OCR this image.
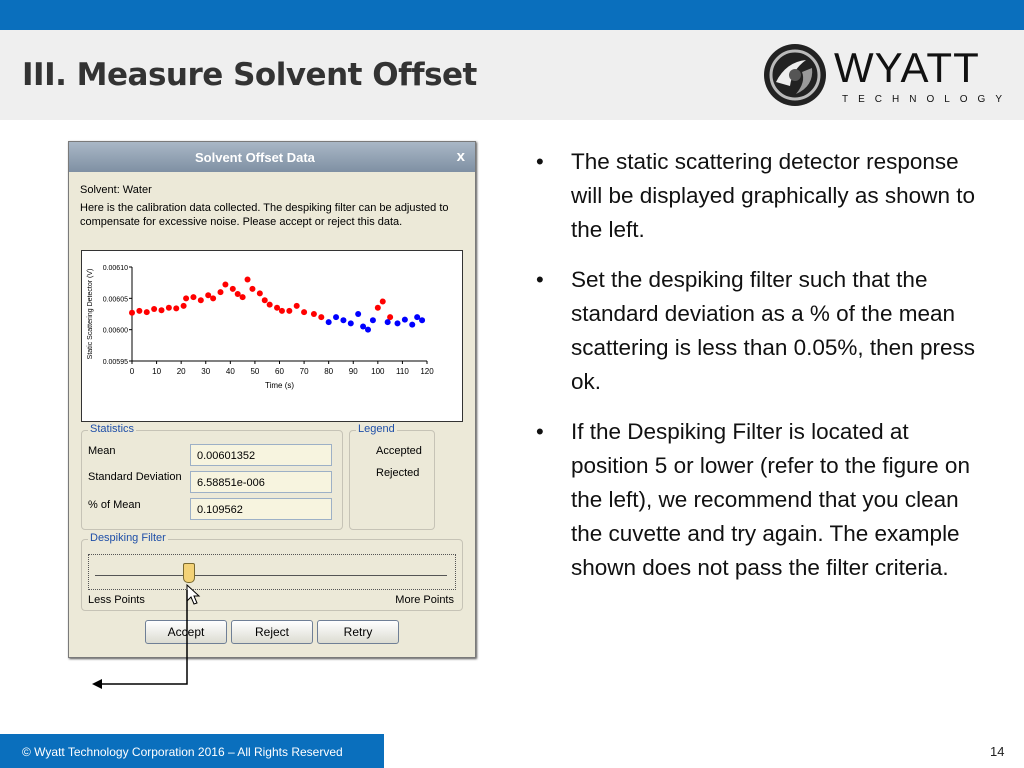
III. Measure Solvent Offset	WYATT
TECHNOLOGY
Solvent Offset Data	x
Solvent: Water
Here is the calibration data collected. The despiking filter can be adjusted to compensate for excessive noise. Please accept or reject this data.
0 10 20 30 40 50 60 70 80 90 100 110 120
0.00595
0.00600
0.00605
0.00610
Time (s)
Static Scattering Detector (V)
Statistics
Mean	0.00601352
Standard Deviation	6.58851e-006
% of Mean	0.109562
Legend
Accepted
Rejected
Despiking Filter
Less Points	More Points
Accept	Reject	Retry
• The static scattering detector response will be displayed graphically as shown to the left.
• Set the despiking filter such that the standard deviation as a % of the mean scattering is less than 0.05%, then press ok.
• If the Despiking Filter is located at position 5 or lower (refer to the figure on the left), we recommend that you clean the cuvette and try again. The example shown does not pass the filter criteria.
© Wyatt Technology Corporation 2016 – All Rights Reserved	14
